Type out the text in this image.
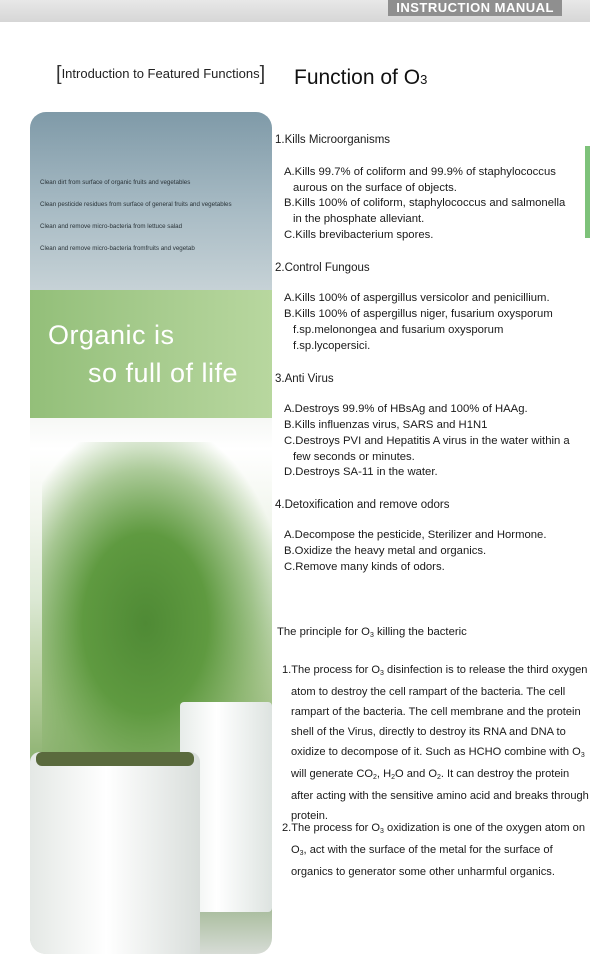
INSTRUCTION MANUAL
[Introduction to Featured Functions] Function of O3
Clean dirt from surface of organic fruits and vegetables
Clean pesticide residues from surface of general fruits and vegetables
Clean and remove micro-bacteria from lettuce salad
Clean and remove micro-bacteria fromfruits and vegetab
Organic is
so full of life
1.Kills Microorganisms
A.Kills 99.7% of coliform and 99.9% of staphylococcus
aurous on the surface of objects.
B.Kills 100% of coliform, staphylococcus and salmonella
in the phosphate alleviant.
C.Kills brevibacterium spores.
2.Control Fungous
A.Kills 100% of aspergillus versicolor and penicillium.
B.Kills 100% of aspergillus niger, fusarium oxysporum
f.sp.melonongea and fusarium oxysporum
f.sp.lycopersici.
3.Anti Virus
A.Destroys 99.9% of HBsAg and 100% of HAAg.
B.Kills influenzas virus, SARS and H1N1
C.Destroys PVI and Hepatitis A virus in the water within a
few seconds or minutes.
D.Destroys SA-11 in the water.
4.Detoxification and remove odors
A.Decompose the pesticide, Sterilizer and Hormone.
B.Oxidize the heavy metal and organics.
C.Remove many kinds of odors.
The principle for $O_3$ killing the bacteric
1.The process for $O_3$ disinfection is to release the third oxygen atom to destroy the cell rampart of the bacteria. The cell rampart of the bacteria. The cell membrane and the protein shell of the Virus, directly to destroy its RNA and DNA to oxidize to decompose of it. Such as HCHO combine with $O_3$ will generate $CO_2$, $H_2O$ and $O_2$. It can destroy the protein after acting with the sensitive amino acid and breaks through protein.
2.The process for $O_3$ oxidization is one of the oxygen atom on $O_3$, act with the surface of the metal for the surface of organics to generator some other unharmful organics.
